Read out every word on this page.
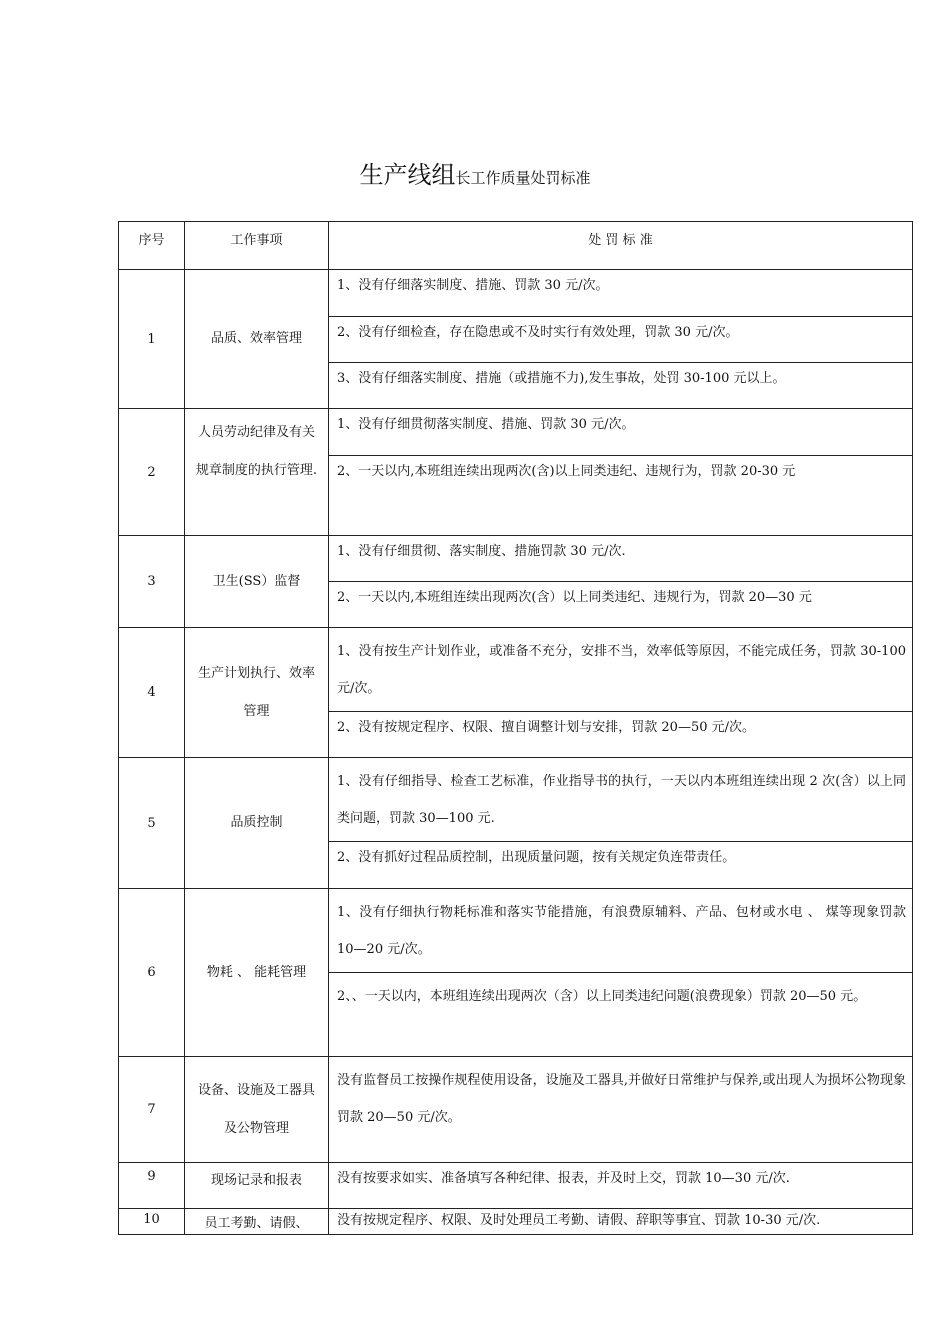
生产线组长工作质量处罚标准
序号	工作事项	处 罚 标 准
1	品质、效率管理	1、没有仔细落实制度、措施、罚款 30 元/次。
		2、没有仔细检查，存在隐患或不及时实行有效处理，罚款 30 元/次。
		3、没有仔细落实制度、措施（或措施不力),发生事故，处罚 30-100 元以上。
2	人员劳动纪律及有关规章制度的执行管理.	1、没有仔细贯彻落实制度、措施、罚款 30 元/次。
		2、一天以内,本班组连续出现两次(含)以上同类违纪、违规行为，罚款 20-30 元
3	卫生(SS）监督	1、没有仔细贯彻、落实制度、措施罚款 30 元/次.
		2、一天以内,本班组连续出现两次(含）以上同类违纪、违规行为，罚款 20—30 元
4	生产计划执行、效率管理	1、没有按生产计划作业，或准备不充分，安排不当，效率低等原因，不能完成任务，罚款 30-100 元/次。
		2、没有按规定程序、权限、擅自调整计划与安排，罚款 20—50 元/次。
5	品质控制	1、没有仔细指导、检查工艺标准，作业指导书的执行，一天以内本班组连续出现 2 次(含）以上同类问题，罚款 30—100 元.
		2、没有抓好过程品质控制，出现质量问题，按有关规定负连带责任。
6	物耗 、 能耗管理	1、没有仔细执行物耗标准和落实节能措施，有浪费原辅料、产品、包材或水电 、 煤等现象罚款 10—20 元/次。
		2、、一天以内，本班组连续出现两次（含）以上同类违纪问题(浪费现象）罚款 20—50 元。
7	设备、设施及工器具及公物管理	没有监督员工按操作规程使用设备，设施及工器具,并做好日常维护与保养,或出现人为损坏公物现象罚款 20—50 元/次。
9	现场记录和报表	没有按要求如实、准备填写各种纪律、报表，并及时上交，罚款 10—30 元/次.
10	员工考勤、请假、	没有按规定程序、权限、及时处理员工考勤、请假、辞职等事宜、罚款 10-30 元/次.
